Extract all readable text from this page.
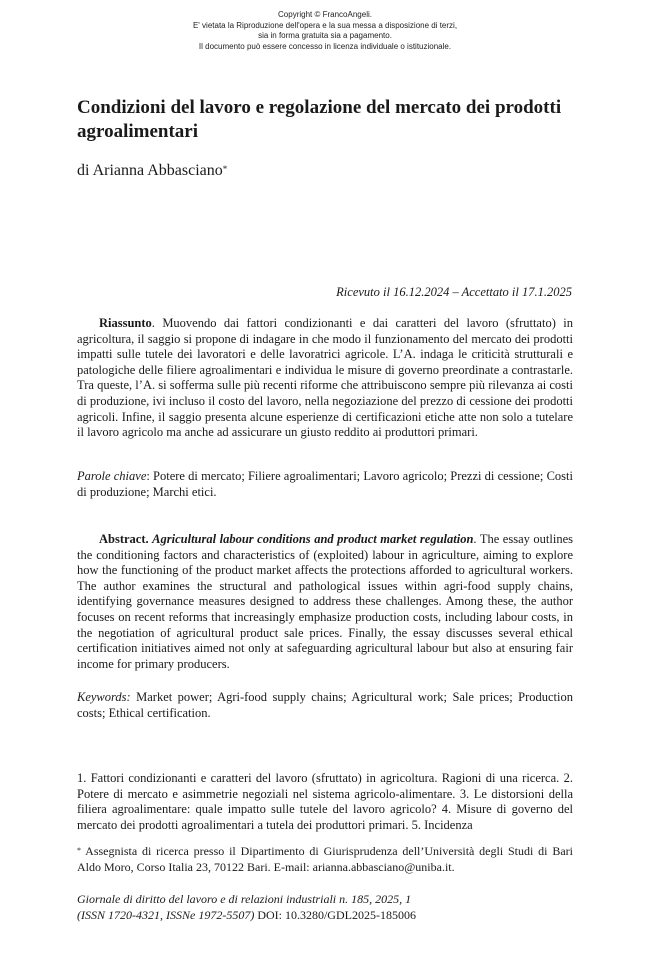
Copyright © FrancoAngeli.
E' vietata la Riproduzione dell'opera e la sua messa a disposizione di terzi,
sia in forma gratuita sia a pagamento.
Il documento può essere concesso in licenza individuale o istituzionale.
Condizioni del lavoro e regolazione del mercato dei prodotti agroalimentari
di Arianna Abbasciano*
Ricevuto il 16.12.2024 – Accettato il 17.1.2025

Riassunto. Muovendo dai fattori condizionanti e dai caratteri del lavoro (sfruttato) in agricoltura, il saggio si propone di indagare in che modo il funzionamento del mercato dei prodotti impatti sulle tutele dei lavoratori e delle lavoratrici agricole. L’A. indaga le criticità strutturali e patologiche delle filiere agroalimentari e individua le misure di governo preordinate a contrastarle. Tra queste, l’A. si sofferma sulle più recenti riforme che attribuiscono sempre più rilevanza ai costi di produzione, ivi incluso il costo del lavoro, nella negoziazione del prezzo di cessione dei prodotti agricoli. Infine, il saggio presenta alcune esperienze di certificazioni etiche atte non solo a tutelare il lavoro agricolo ma anche ad assicurare un giusto reddito ai produttori primari.

Parole chiave: Potere di mercato; Filiere agroalimentari; Lavoro agricolo; Prezzi di cessione; Costi di produzione; Marchi etici.

Abstract. Agricultural labour conditions and product market regulation. The essay outlines the conditioning factors and characteristics of (exploited) labour in agriculture, aiming to explore how the functioning of the product market affects the protections afforded to agricultural workers. The author examines the structural and pathological issues within agri-food supply chains, identifying governance measures designed to address these challenges. Among these, the author focuses on recent reforms that increasingly emphasize production costs, including labour costs, in the negotiation of agricultural product sale prices. Finally, the essay discusses several ethical certification initiatives aimed not only at safeguarding agricultural labour but also at ensuring fair income for primary producers.

Keywords: Market power; Agri-food supply chains; Agricultural work; Sale prices; Production costs; Ethical certification.

1. Fattori condizionanti e caratteri del lavoro (sfruttato) in agricoltura. Ragioni di una ricerca. 2. Potere di mercato e asimmetrie negoziali nel sistema agricolo-alimentare. 3. Le distorsioni della filiera agroalimentare: quale impatto sulle tutele del lavoro agricolo? 4. Misure di governo del mercato dei prodotti agroalimentari a tutela dei produttori primari. 5. Incidenza

* Assegnista di ricerca presso il Dipartimento di Giurisprudenza dell’Università degli Studi di Bari Aldo Moro, Corso Italia 23, 70122 Bari. E-mail: arianna.abbasciano@uniba.it.
Giornale di diritto del lavoro e di relazioni industriali n. 185, 2025, 1
(ISSN 1720-4321, ISSNe 1972-5507) DOI: 10.3280/GDL2025-185006
